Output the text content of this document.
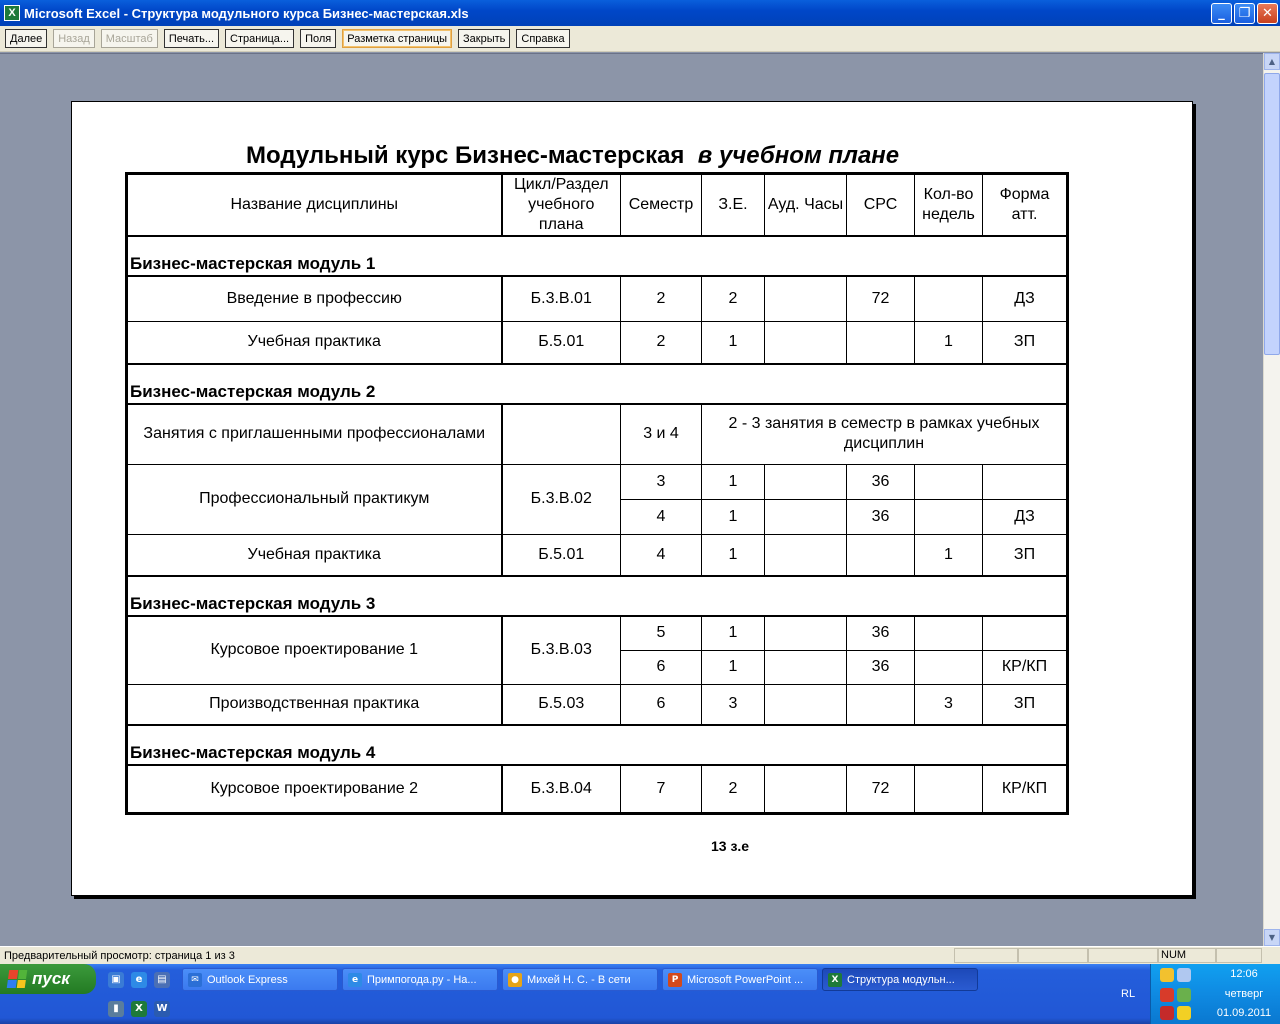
X Microsoft Excel - Структура модульного курса Бизнес-мастерская.xls	_	❐ ✕
Далее	Назад	Масштаб	Печать...	Страница...	Поля	Разметка страницы	Закрыть	Справка
▲
▼
Модульный курс Бизнес-мастерская в учебном плане
Название дисциплины	Цикл/Раздел учебного плана	Семестр	З.Е.	Ауд. Часы	СРС	Кол-во недель	Форма атт.
Бизнес-мастерская модуль 1							
Введение в профессию	Б.3.В.01	2	2		72		ДЗ
Учебная практика	Б.5.01	2	1			1	ЗП
Бизнес-мастерская модуль 2							
Занятия с приглашенными профессионалами		3 и 4	2 - 3 занятия в семестр в рамках учебных дисциплин				
Профессиональный практикум	Б.3.В.02	3	1		36		
		4	1		36		ДЗ
Учебная практика	Б.5.01	4	1			1	ЗП
Бизнес-мастерская модуль 3							
Курсовое проектирование 1	Б.3.В.03	5	1		36		
		6	1		36		КР/КП
Производственная практика	Б.5.03	6	3			3	ЗП
Бизнес-мастерская модуль 4							
Курсовое проектирование 2	Б.3.В.04	7	2		72		КР/КП
13 з.е
Предварительный просмотр: страница 1 из 3	NUM
пуск	▣	e	▤
▮	X	W
✉ Outlook Express	e Примпогода.ру - На...	● Михей Н. С. - В сети	P Microsoft PowerPoint ...	X Структура модульн...
RL
12:06
четверг
01.09.2011
